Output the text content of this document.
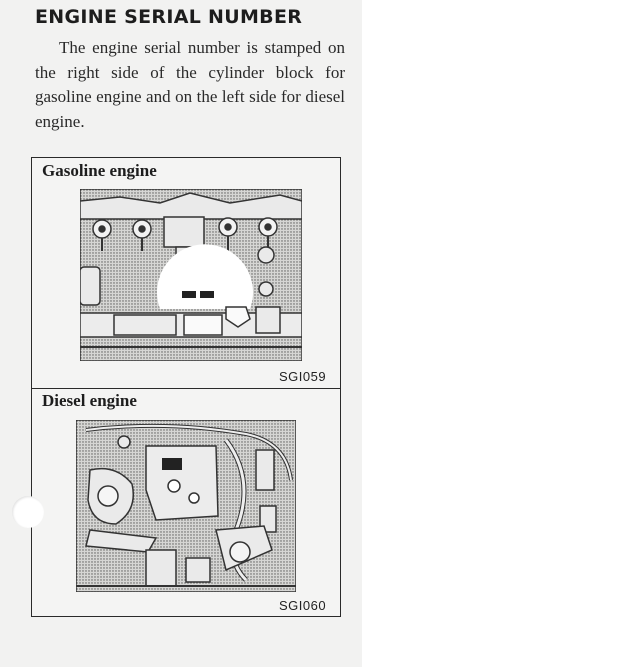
ENGINE SERIAL NUMBER

The engine serial number is stamped on the right side of the cylinder block for gasoline engine and on the left side for diesel engine.

Gasoline engine
SGI059
Diesel engine
SGI060
